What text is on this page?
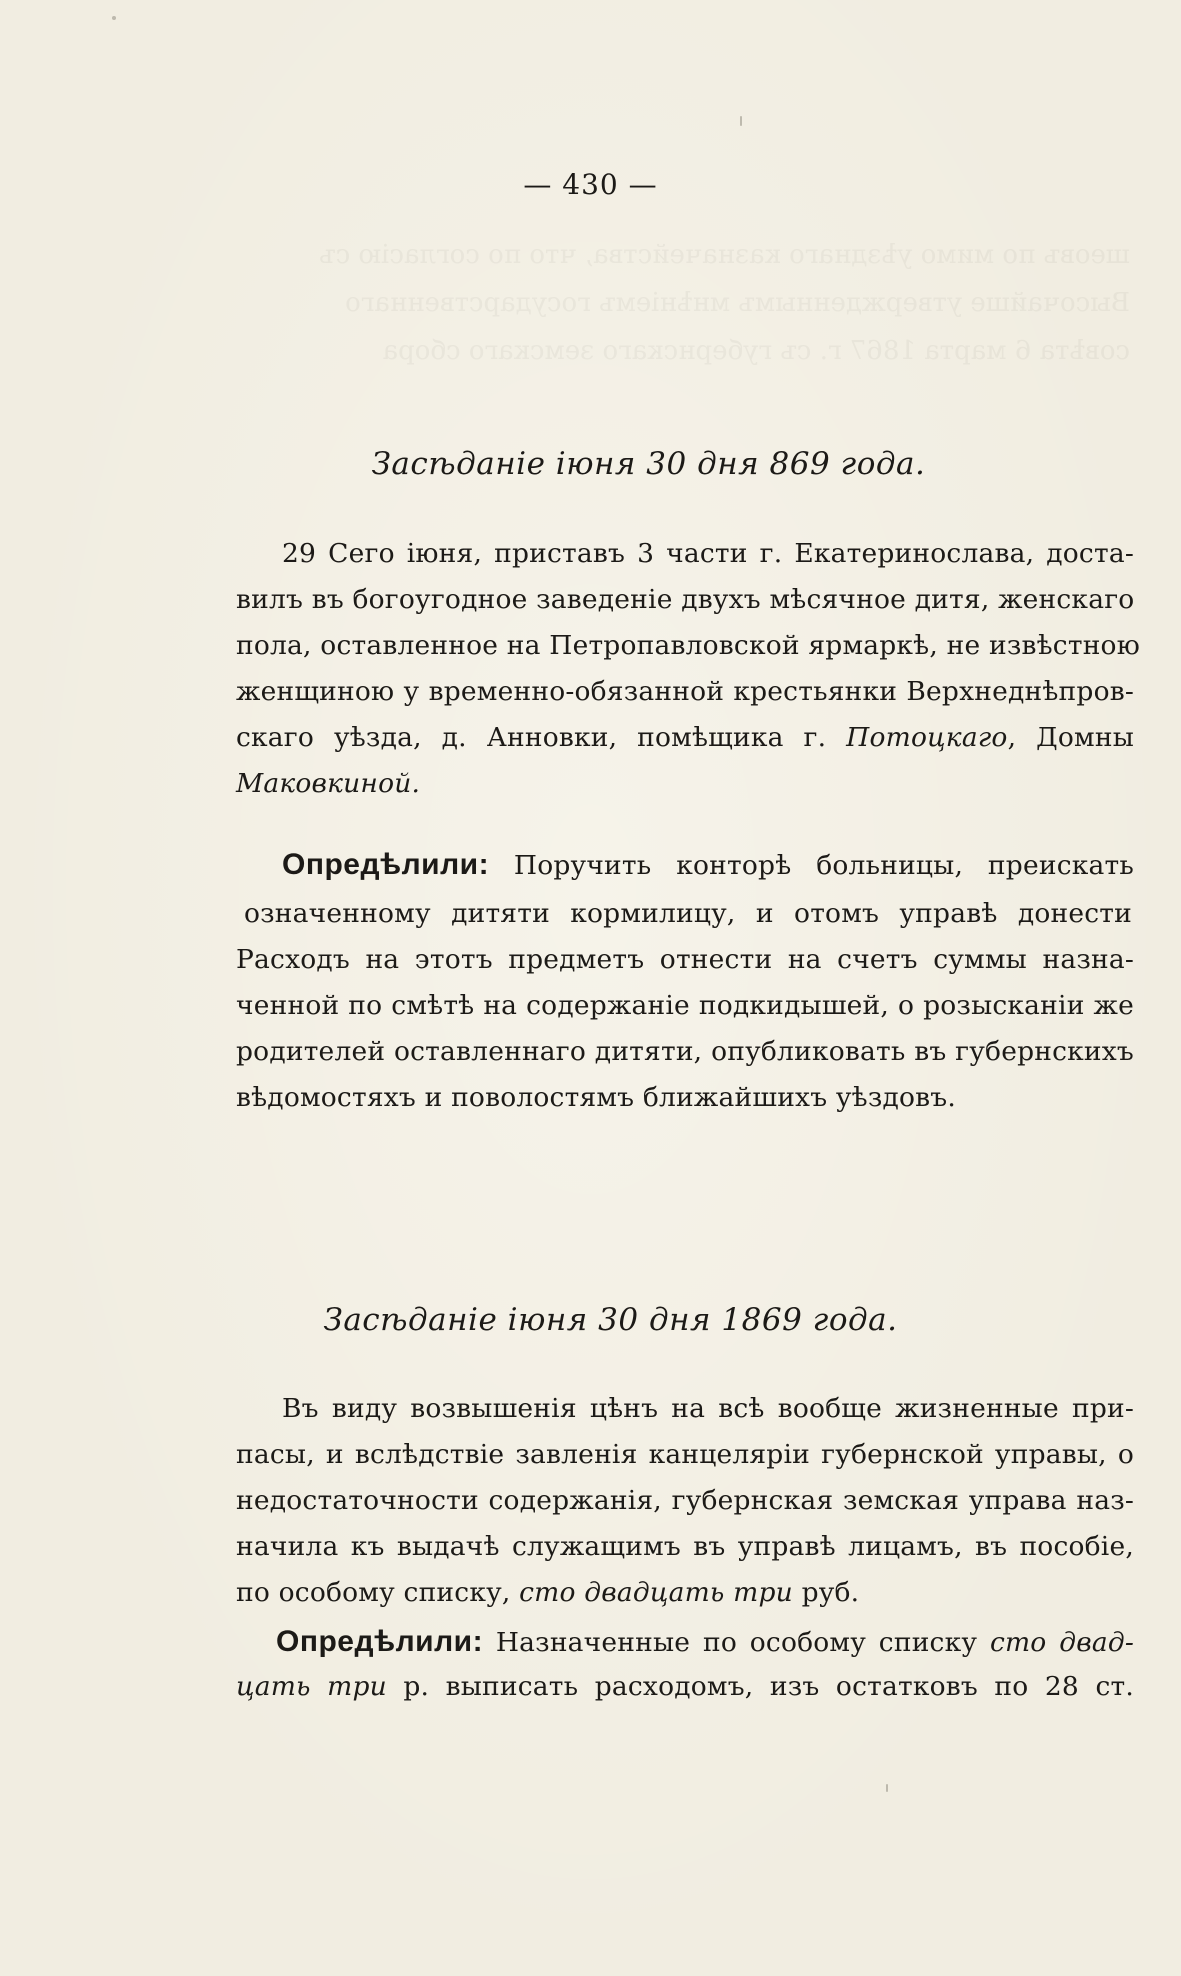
шеовъ по мимо уѣзднаго казначейства, что по согласію съ
Высочайше утвержденнымъ мнѣніемъ государственнаго
совѣта 6 марта 1867 г. съ губернскаго земскаго сбора
— 430 —
Засѣданіе іюня 30 дня 869 года.
29 Сего іюня, приставъ 3 части г. Екатеринослава, доста-
вилъ въ богоугодное заведеніе двухъ мѣсячное дитя, женскаго
пола, оставленное на Петропавловской ярмаркѣ, не извѣстною
женщиною у временно-обязанной крестьянки Верхнеднѣпров-
скаго уѣзда, д. Анновки, помѣщика г. Потоцкаго, Домны
Маковкиной.
Опредѣлили: Поручить конторѣ больницы, преискать
означенному дитяти кормилицу, и отомъ управѣ донести
Расходъ на этотъ предметъ отнести на счетъ суммы назна-
ченной по смѣтѣ на содержаніе подкидышей, о розысканіи же
родителей оставленнаго дитяти, опубликовать въ губернскихъ
вѣдомостяхъ и поволостямъ ближайшихъ уѣздовъ.
Засѣданіе іюня 30 дня 1869 года.
Въ виду возвышенія цѣнъ на всѣ вообще жизненные при-
пасы, и вслѣдствіе завленія канцеляріи губернской управы, о
недостаточности содержанія, губернская земская управа наз-
начила къ выдачѣ служащимъ въ управѣ лицамъ, въ пособіе,
по особому списку, сто двадцать три руб.
Опредѣлили: Назначенные по особому списку сто двад-
цать три р. выписать расходомъ, изъ остатковъ по 28 ст.
